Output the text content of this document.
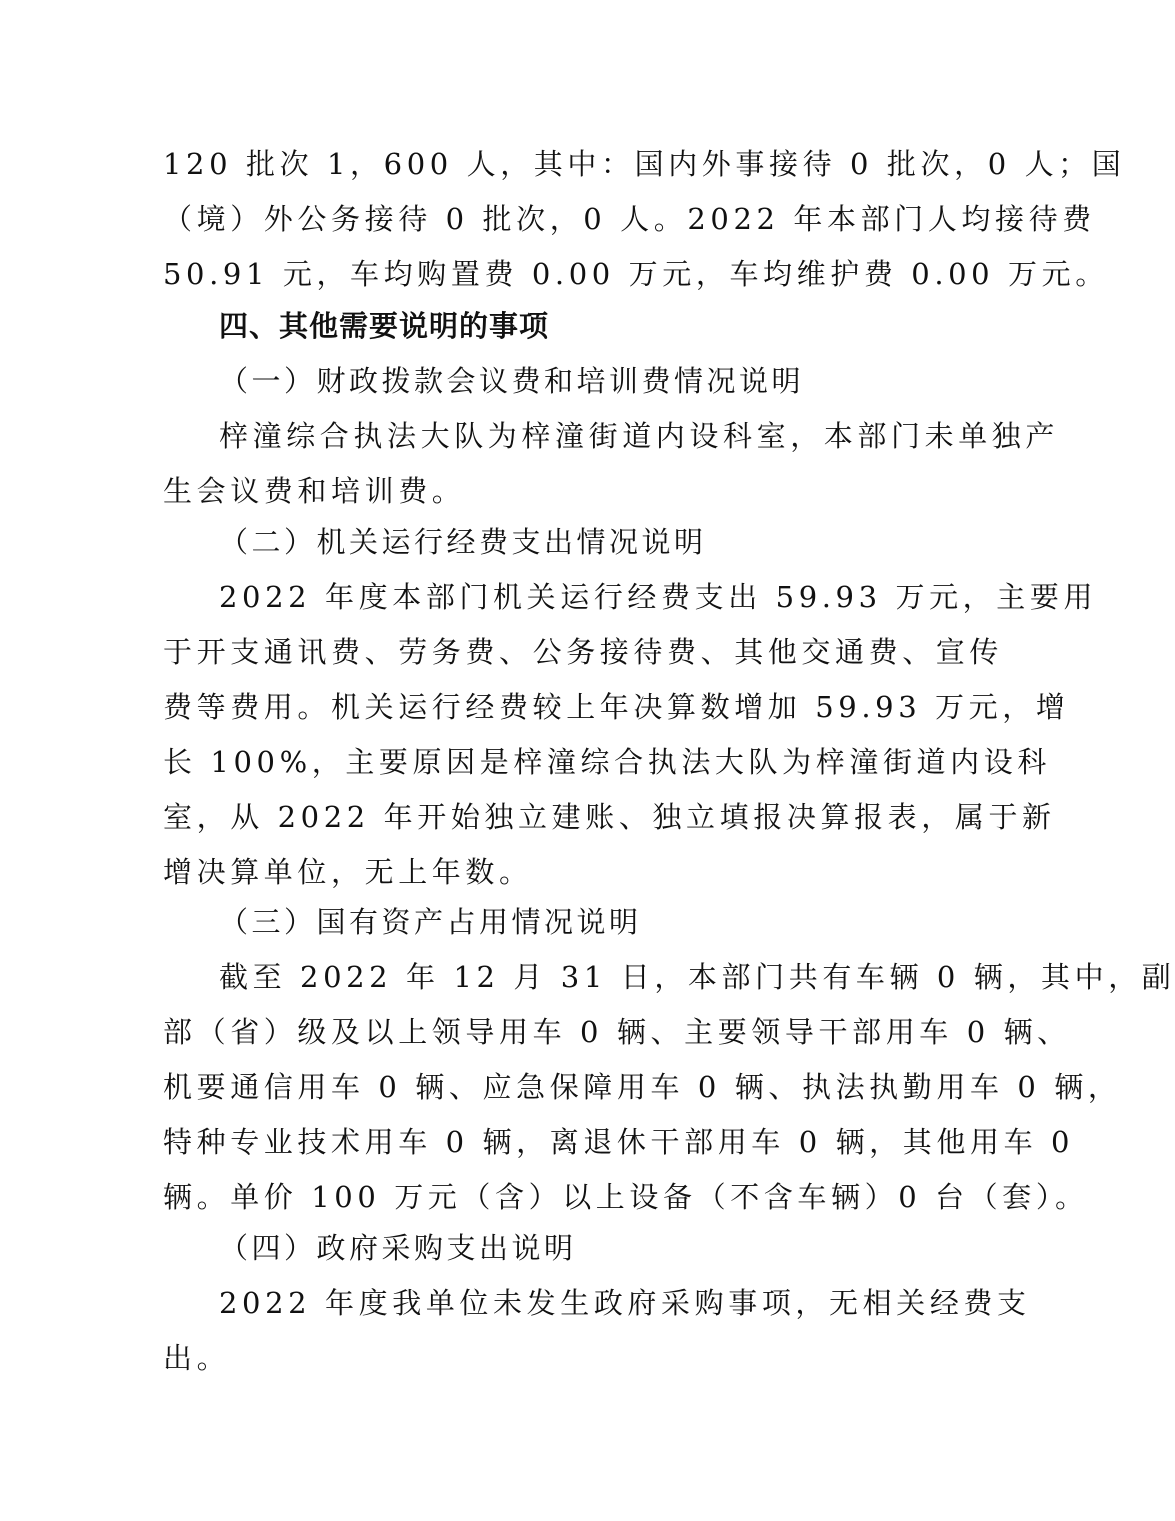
120 批次 1，600 人，其中：国内外事接待 0 批次，0 人；国
（境）外公务接待 0 批次，0 人。2022 年本部门人均接待费
50.91 元，车均购置费 0.00 万元，车均维护费 0.00 万元。
四、其他需要说明的事项
（一）财政拨款会议费和培训费情况说明
梓潼综合执法大队为梓潼街道内设科室，本部门未单独产
生会议费和培训费。
（二）机关运行经费支出情况说明
2022 年度本部门机关运行经费支出 59.93 万元，主要用
于开支通讯费、劳务费、公务接待费、其他交通费、宣传
费等费用。机关运行经费较上年决算数增加 59.93 万元，增
长 100%，主要原因是梓潼综合执法大队为梓潼街道内设科
室，从 2022 年开始独立建账、独立填报决算报表，属于新
增决算单位，无上年数。
（三）国有资产占用情况说明
截至 2022 年 12 月 31 日，本部门共有车辆 0 辆，其中，副
部（省）级及以上领导用车 0 辆、主要领导干部用车 0 辆、
机要通信用车 0 辆、应急保障用车 0 辆、执法执勤用车 0 辆，
特种专业技术用车 0 辆，离退休干部用车 0 辆，其他用车 0
辆。单价 100 万元（含）以上设备（不含车辆）0 台（套）。
（四）政府采购支出说明
2022 年度我单位未发生政府采购事项，无相关经费支
出。
